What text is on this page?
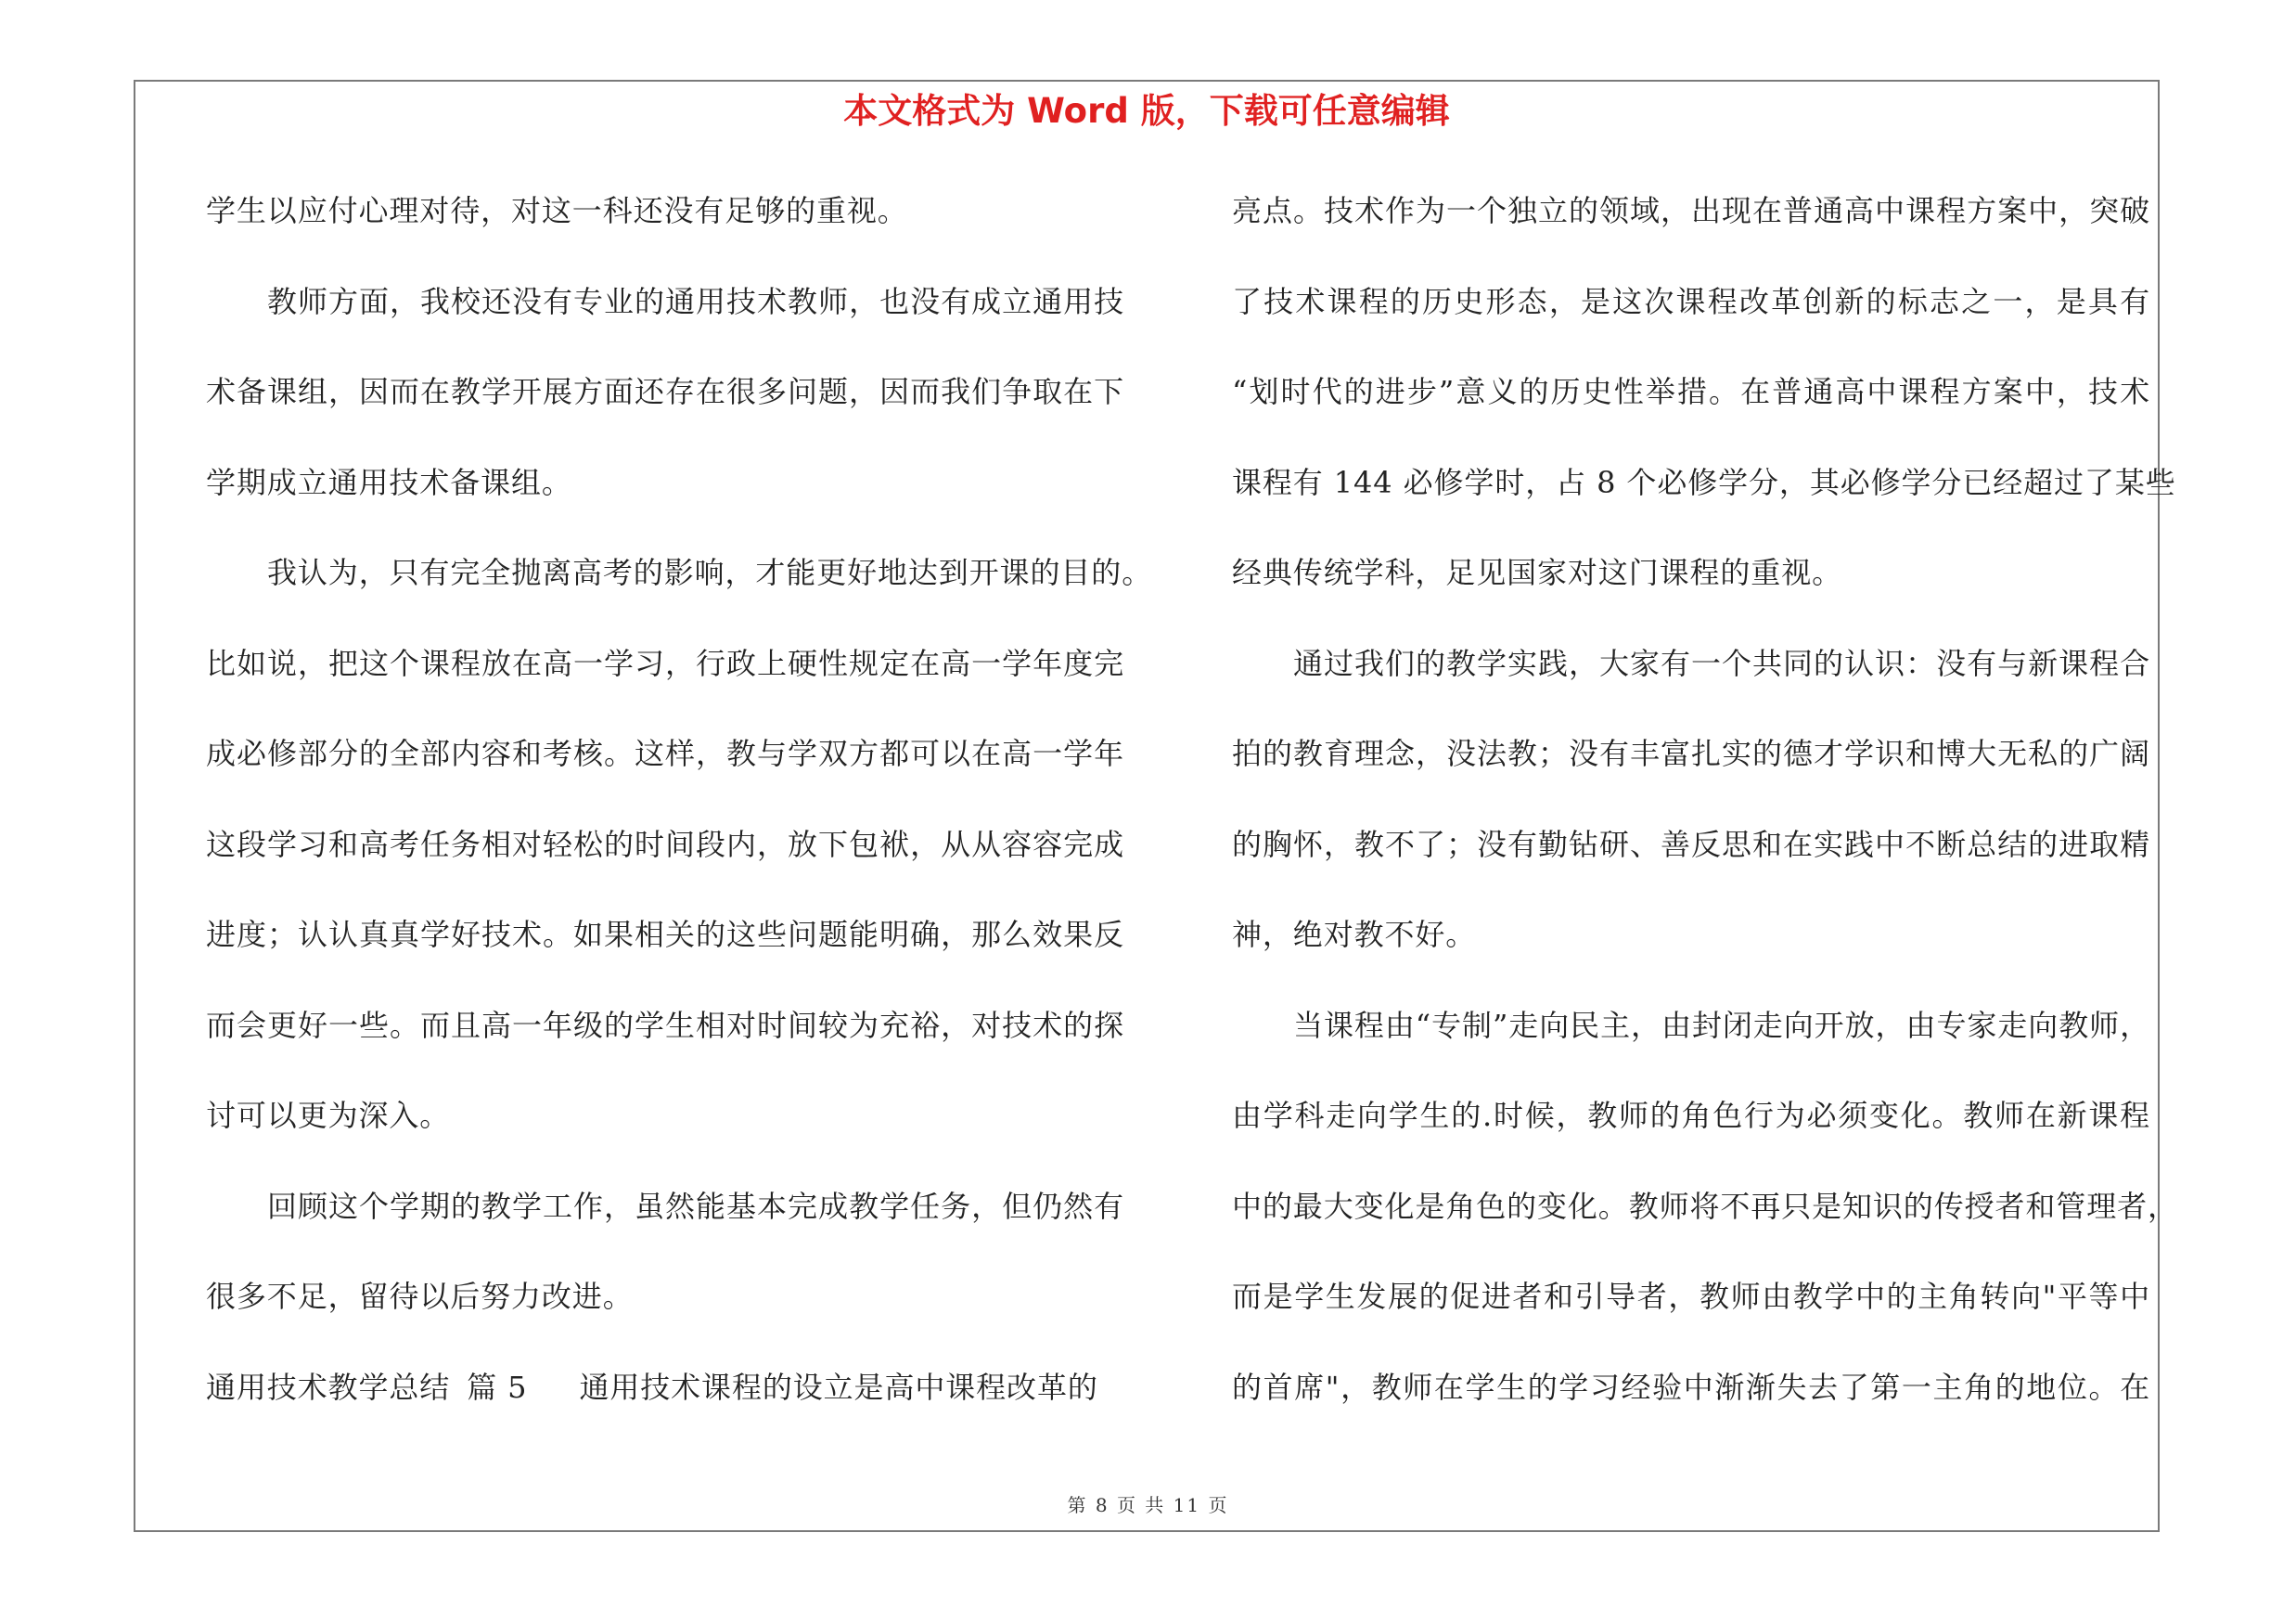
本文格式为 Word 版，下载可任意编辑
学生以应付心理对待，对这一科还没有足够的重视。
教师方面，我校还没有专业的通用技术教师，也没有成立通用技
术备课组，因而在教学开展方面还存在很多问题，因而我们争取在下
学期成立通用技术备课组。
我认为，只有完全抛离高考的影响，才能更好地达到开课的目的。
比如说，把这个课程放在高一学习，行政上硬性规定在高一学年度完
成必修部分的全部内容和考核。这样，教与学双方都可以在高一学年
这段学习和高考任务相对轻松的时间段内，放下包袱，从从容容完成
进度；认认真真学好技术。如果相关的这些问题能明确，那么效果反
而会更好一些。而且高一年级的学生相对时间较为充裕，对技术的探
讨可以更为深入。
回顾这个学期的教学工作，虽然能基本完成教学任务，但仍然有
很多不足，留待以后努力改进。
通用技术教学总结 篇 5 通用技术课程的设立是高中课程改革的
亮点。技术作为一个独立的领域，出现在普通高中课程方案中，突破
了技术课程的历史形态，是这次课程改革创新的标志之一，是具有
“划时代的进步”意义的历史性举措。在普通高中课程方案中，技术
课程有 144 必修学时，占 8 个必修学分，其必修学分已经超过了某些
经典传统学科，足见国家对这门课程的重视。
通过我们的教学实践，大家有一个共同的认识：没有与新课程合
拍的教育理念，没法教；没有丰富扎实的德才学识和博大无私的广阔
的胸怀，教不了；没有勤钻研、善反思和在实践中不断总结的进取精
神，绝对教不好。
当课程由“专制”走向民主，由封闭走向开放，由专家走向教师，
由学科走向学生的.时候，教师的角色行为必须变化。教师在新课程
中的最大变化是角色的变化。教师将不再只是知识的传授者和管理者，
而是学生发展的促进者和引导者，教师由教学中的主角转向"平等中
的首席"，教师在学生的学习经验中渐渐失去了第一主角的地位。在
第 8 页 共 11 页
